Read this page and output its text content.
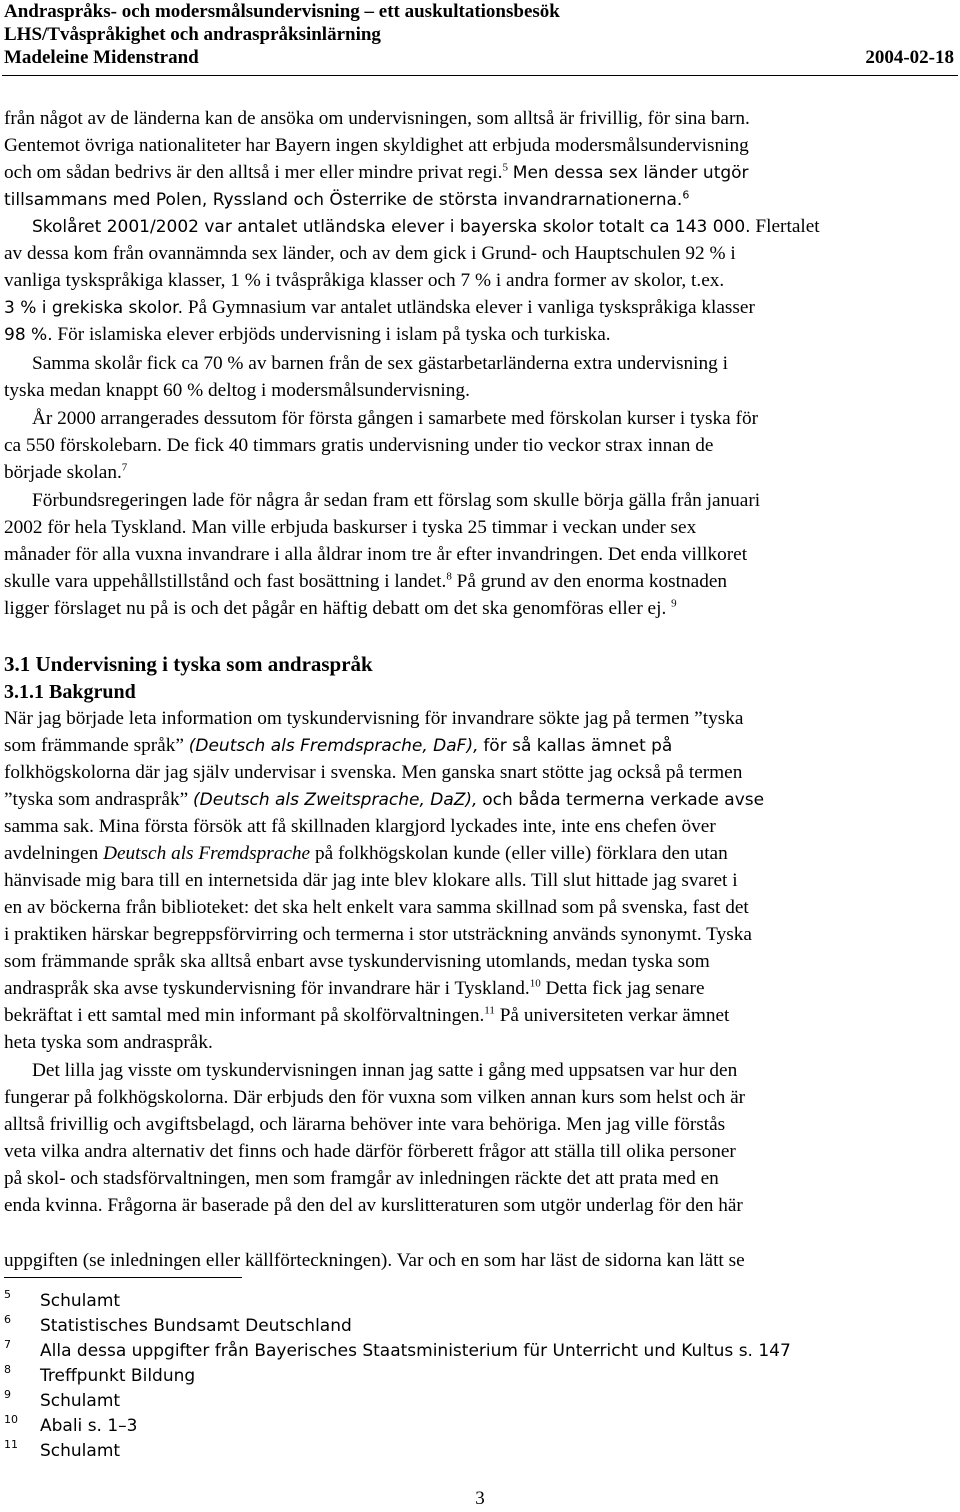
Andraspråks- och modersmålsundervisning – ett auskultationsbesök
LHS/Tvåspråkighet och andraspråksinlärning
Madeleine Midenstrand	2004-02-18
från något av de länderna kan de ansöka om undervisningen, som alltså är frivillig, för sina barn.
Gentemot övriga nationaliteter har Bayern ingen skyldighet att erbjuda modersmålsundervisning
och om sådan bedrivs är den alltså i mer eller mindre privat regi.$^5$ Men dessa sex länder utgör
tillsammans med Polen, Ryssland och Österrike de största invandrarnationerna.$^6$
Skolåret 2001/2002 var antalet utländska elever i bayerska skolor totalt ca 143 000. Flertalet
av dessa kom från ovannämnda sex länder, och av dem gick i Grund- och Hauptschulen 92 % i
vanliga tyskspråkiga klasser, 1 % i tvåspråkiga klasser och 7 % i andra former av skolor, t.ex.
3 % i grekiska skolor. På Gymnasium var antalet utländska elever i vanliga tyskspråkiga klasser
98 %. För islamiska elever erbjöds undervisning i islam på tyska och turkiska.
Samma skolår fick ca 70 % av barnen från de sex gästarbetarländerna extra undervisning i
tyska medan knappt 60 % deltog i modersmålsundervisning.
År 2000 arrangerades dessutom för första gången i samarbete med förskolan kurser i tyska för
ca 550 förskolebarn. De fick 40 timmars gratis undervisning under tio veckor strax innan de
började skolan.$^7$
Förbundsregeringen lade för några år sedan fram ett förslag som skulle börja gälla från januari
2002 för hela Tyskland. Man ville erbjuda baskurser i tyska 25 timmar i veckan under sex
månader för alla vuxna invandrare i alla åldrar inom tre år efter invandringen. Det enda villkoret
skulle vara uppehållstillstånd och fast bosättning i landet.$^8$ På grund av den enorma kostnaden
ligger förslaget nu på is och det pågår en häftig debatt om det ska genomföras eller ej. $^9$
3.1 Undervisning i tyska som andraspråk
3.1.1 Bakgrund
När jag började leta information om tyskundervisning för invandrare sökte jag på termen ”tyska
som främmande språk” (Deutsch als Fremdsprache, DaF), för så kallas ämnet på
folkhögskolorna där jag själv undervisar i svenska. Men ganska snart stötte jag också på termen
”tyska som andraspråk” (Deutsch als Zweitsprache, DaZ), och båda termerna verkade avse
samma sak. Mina första försök att få skillnaden klargjord lyckades inte, inte ens chefen över
avdelningen Deutsch als Fremdsprache på folkhögskolan kunde (eller ville) förklara den utan
hänvisade mig bara till en internetsida där jag inte blev klokare alls. Till slut hittade jag svaret i
en av böckerna från biblioteket: det ska helt enkelt vara samma skillnad som på svenska, fast det
i praktiken härskar begreppsförvirring och termerna i stor utsträckning används synonymt. Tyska
som främmande språk ska alltså enbart avse tyskundervisning utomlands, medan tyska som
andraspråk ska avse tyskundervisning för invandrare här i Tyskland.$^{10}$ Detta fick jag senare
bekräftat i ett samtal med min informant på skolförvaltningen.$^{11}$ På universiteten verkar ämnet
heta tyska som andraspråk.
Det lilla jag visste om tyskundervisningen innan jag satte i gång med uppsatsen var hur den
fungerar på folkhögskolorna. Där erbjuds den för vuxna som vilken annan kurs som helst och är
alltså frivillig och avgiftsbelagd, och lärarna behöver inte vara behöriga. Men jag ville förstås
veta vilka andra alternativ det finns och hade därför förberett frågor att ställa till olika personer
på skol- och stadsförvaltningen, men som framgår av inledningen räckte det att prata med en
enda kvinna. Frågorna är baserade på den del av kurslitteraturen som utgör underlag för den här
uppgiften (se inledningen eller källförteckningen). Var och en som har läst de sidorna kan lätt se
5 Schulamt
6 Statistisches Bundsamt Deutschland
7 Alla dessa uppgifter från Bayerisches Staatsministerium für Unterricht und Kultus s. 147
8 Treffpunkt Bildung
9 Schulamt
10 Abali s. 1–3
11 Schulamt
3
